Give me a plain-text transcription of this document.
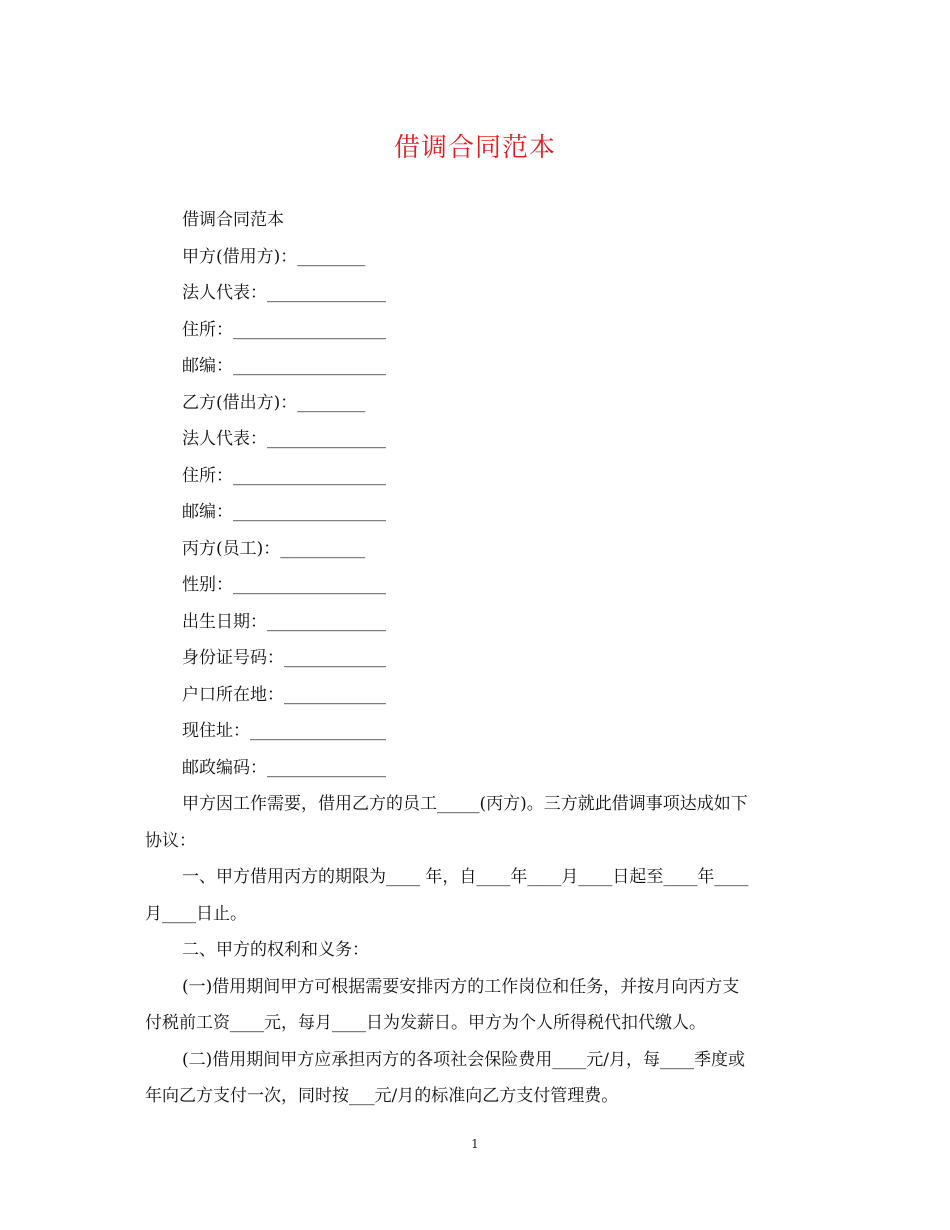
借调合同范本
借调合同范本
甲方(借用方)：________
法人代表：______________
住所：__________________
邮编：__________________
乙方(借出方)：________
法人代表：______________
住所：__________________
邮编：__________________
丙方(员工)：__________
性别：__________________
出生日期：______________
身份证号码：____________
户口所在地：____________
现住址：________________
邮政编码：______________
甲方因工作需要，借用乙方的员工_____(丙方)。三方就此借调事项达成如下
协议：
一、甲方借用丙方的期限为____ 年，自____年____月____日起至____年____
月____日止。
二、甲方的权利和义务：
(一)借用期间甲方可根据需要安排丙方的工作岗位和任务，并按月向丙方支
付税前工资____元，每月____日为发薪日。甲方为个人所得税代扣代缴人。
(二)借用期间甲方应承担丙方的各项社会保险费用____元/月，每____季度或
年向乙方支付一次，同时按___元/月的标准向乙方支付管理费。
1
